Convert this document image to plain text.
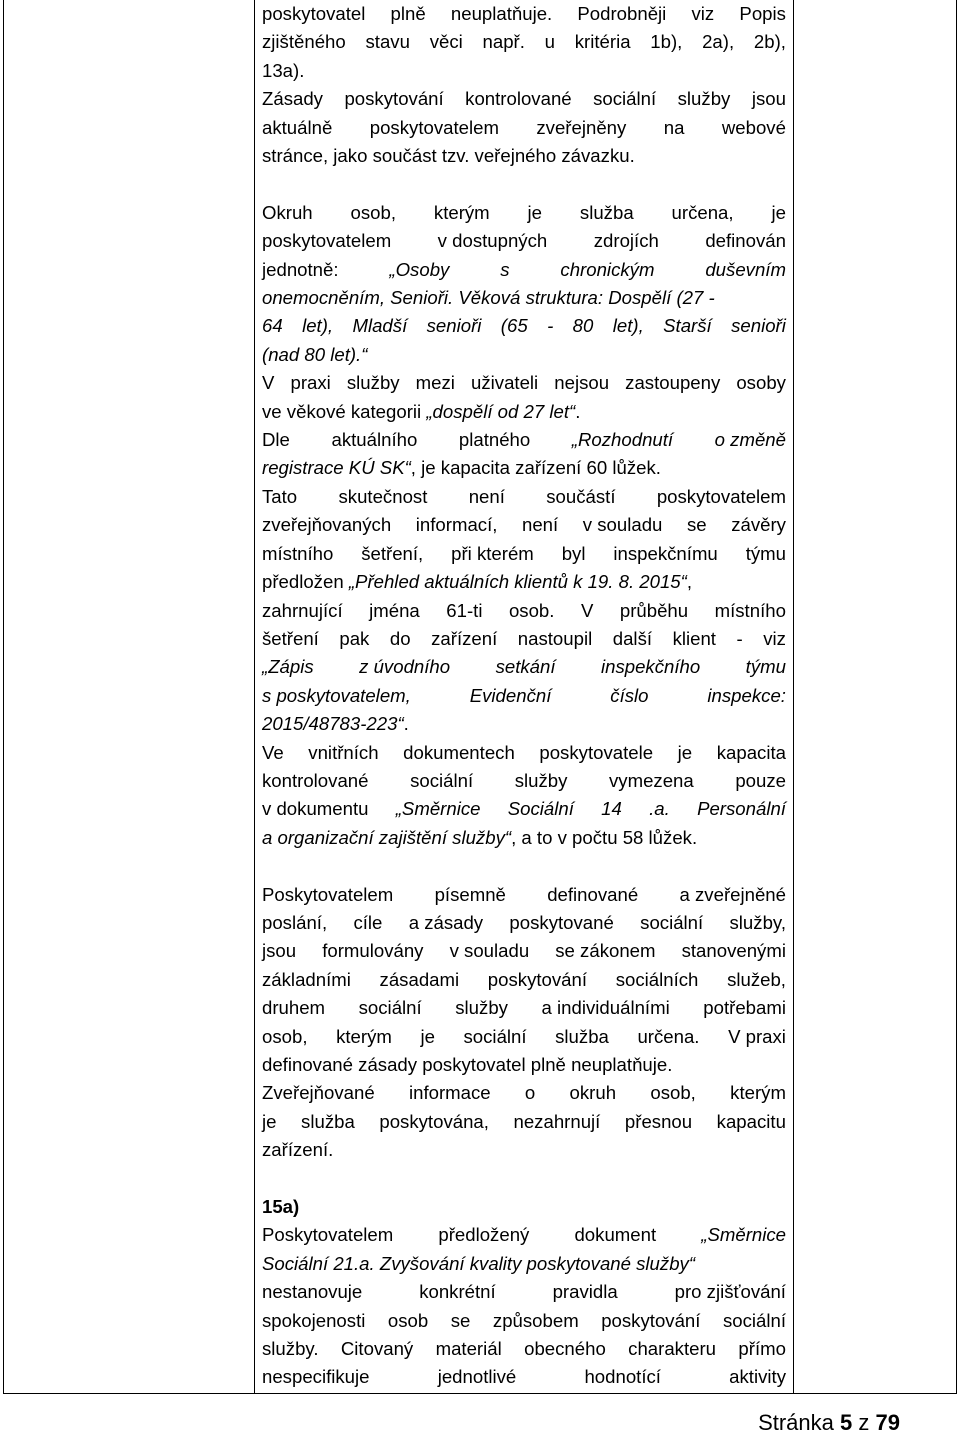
poskytovatel plně neuplatňuje. Podrobněji viz Popis
zjištěného stavu věci např. u kritéria 1b), 2a), 2b),
13a).
Zásady poskytování kontrolované sociální služby jsou
aktuálně poskytovatelem zveřejněny na webové
stránce, jako součást tzv. veřejného závazku.

Okruh osob, kterým je služba určena, je
poskytovatelem v dostupných zdrojích definován
jednotně:	„Osoby	s	chronickým	duševním
onemocněním, Senioři. Věková struktura: Dospělí (27 -
64 let), Mladší senioři (65 - 80 let), Starší senioři
(nad 80 let).“
V praxi služby mezi uživateli nejsou zastoupeny osoby
ve věkové kategorii „dospělí od 27 let“.
Dle aktuálního platného „Rozhodnutí o změně
registrace KÚ SK“, je kapacita zařízení 60 lůžek.
Tato skutečnost není součástí poskytovatelem
zveřejňovaných informací, není v souladu se závěry
místního šetření, při kterém byl inspekčnímu týmu
předložen „Přehled aktuálních klientů k 19. 8. 2015“,
zahrnující jména 61-ti osob. V průběhu místního
šetření pak do zařízení nastoupil další klient - viz
„Zápis z úvodního setkání inspekčního týmu
s poskytovatelem,	Evidenční	číslo	inspekce:
2015/48783-223“.
Ve vnitřních dokumentech poskytovatele je kapacita
kontrolované sociální služby vymezena pouze
v dokumentu „Směrnice Sociální 14 .a. Personální
a organizační zajištění služby“, a to v počtu 58 lůžek.

Poskytovatelem písemně definované a zveřejněné
poslání, cíle a zásady poskytované sociální služby,
jsou formulovány v souladu se zákonem stanovenými
základními zásadami poskytování sociálních služeb,
druhem sociální služby a individuálními potřebami
osob, kterým je sociální služba určena. V praxi
definované zásady poskytovatel plně neuplatňuje.
Zveřejňované informace o okruh osob, kterým
je služba poskytována, nezahrnují přesnou kapacitu
zařízení.

15a)
Poskytovatelem předložený dokument „Směrnice
Sociální 21.a. Zvyšování kvality poskytované služby“
nestanovuje	konkrétní	pravidla	pro zjišťování
spokojenosti osob se způsobem poskytování sociální
služby. Citovaný materiál obecného charakteru přímo
nespecifikuje	jednotlivé	hodnotící	aktivity

Stránka 5 z 79
